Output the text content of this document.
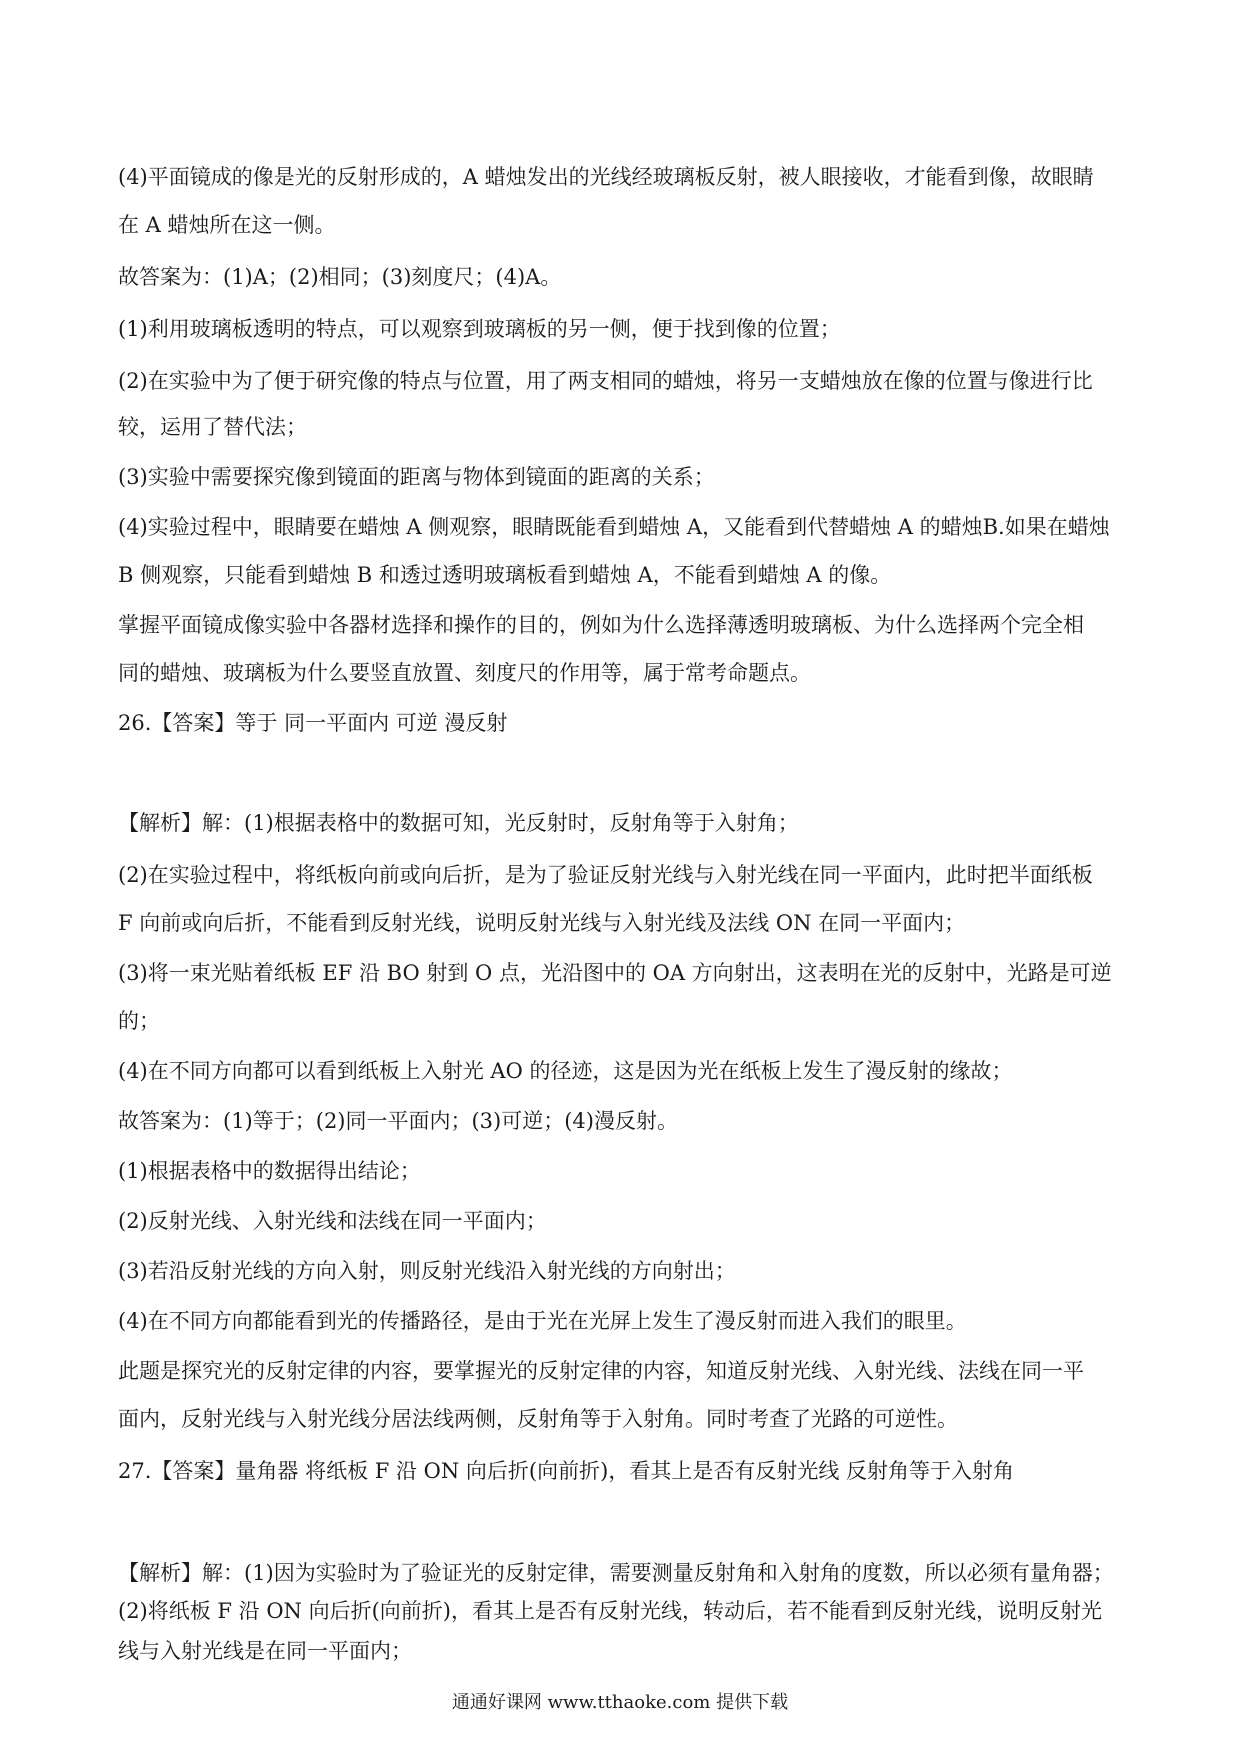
(4)平面镜成的像是光的反射形成的，A 蜡烛发出的光线经玻璃板反射，被人眼接收，才能看到像，故眼睛
在 A 蜡烛所在这一侧。
故答案为：(1)A；(2)相同；(3)刻度尺；(4)A。
(1)利用玻璃板透明的特点，可以观察到玻璃板的另一侧，便于找到像的位置；
(2)在实验中为了便于研究像的特点与位置，用了两支相同的蜡烛，将另一支蜡烛放在像的位置与像进行比
较，运用了替代法；
(3)实验中需要探究像到镜面的距离与物体到镜面的距离的关系；
(4)实验过程中，眼睛要在蜡烛 A 侧观察，眼睛既能看到蜡烛 A，又能看到代替蜡烛 A 的蜡烛B.如果在蜡烛
B 侧观察，只能看到蜡烛 B 和透过透明玻璃板看到蜡烛 A，不能看到蜡烛 A 的像。
掌握平面镜成像实验中各器材选择和操作的目的，例如为什么选择薄透明玻璃板、为什么选择两个完全相
同的蜡烛、玻璃板为什么要竖直放置、刻度尺的作用等，属于常考命题点。
26.【答案】等于 同一平面内 可逆 漫反射
【解析】解：(1)根据表格中的数据可知，光反射时，反射角等于入射角；
(2)在实验过程中，将纸板向前或向后折，是为了验证反射光线与入射光线在同一平面内，此时把半面纸板
F 向前或向后折，不能看到反射光线，说明反射光线与入射光线及法线 ON 在同一平面内；
(3)将一束光贴着纸板 EF 沿 BO 射到 O 点，光沿图中的 OA 方向射出，这表明在光的反射中，光路是可逆
的；
(4)在不同方向都可以看到纸板上入射光 AO 的径迹，这是因为光在纸板上发生了漫反射的缘故；
故答案为：(1)等于；(2)同一平面内；(3)可逆；(4)漫反射。
(1)根据表格中的数据得出结论；
(2)反射光线、入射光线和法线在同一平面内；
(3)若沿反射光线的方向入射，则反射光线沿入射光线的方向射出；
(4)在不同方向都能看到光的传播路径，是由于光在光屏上发生了漫反射而进入我们的眼里。
此题是探究光的反射定律的内容，要掌握光的反射定律的内容，知道反射光线、入射光线、法线在同一平
面内，反射光线与入射光线分居法线两侧，反射角等于入射角。同时考查了光路的可逆性。
27.【答案】量角器 将纸板 F 沿 ON 向后折(向前折)，看其上是否有反射光线 反射角等于入射角
【解析】解：(1)因为实验时为了验证光的反射定律，需要测量反射角和入射角的度数，所以必须有量角器；
(2)将纸板 F 沿 ON 向后折(向前折)，看其上是否有反射光线，转动后，若不能看到反射光线，说明反射光
线与入射光线是在同一平面内；
通通好课网 www.tthaoke.com 提供下载
